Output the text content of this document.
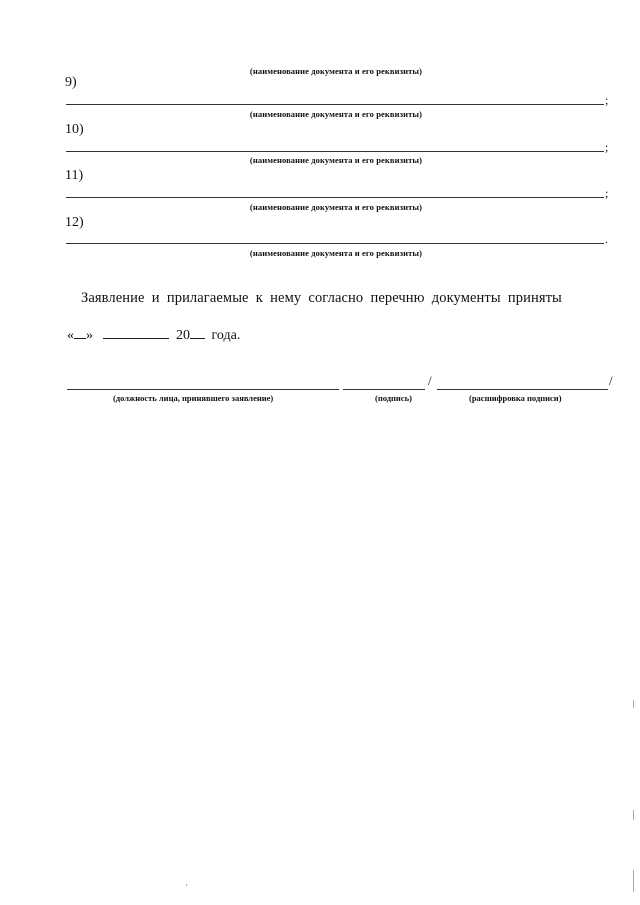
(наименование документа и его реквизиты)
9)
;
(наименование документа и его реквизиты)
10)
;
(наименование документа и его реквизиты)
11)
;
(наименование документа и его реквизиты)
12)
.
(наименование документа и его реквизиты)
Заявление и прилагаемые к нему согласно перечню документы приняты
« »	20 года.
/	/
(должность лица, принявшего заявление)	(подпись)	(расшифровка подписи)
